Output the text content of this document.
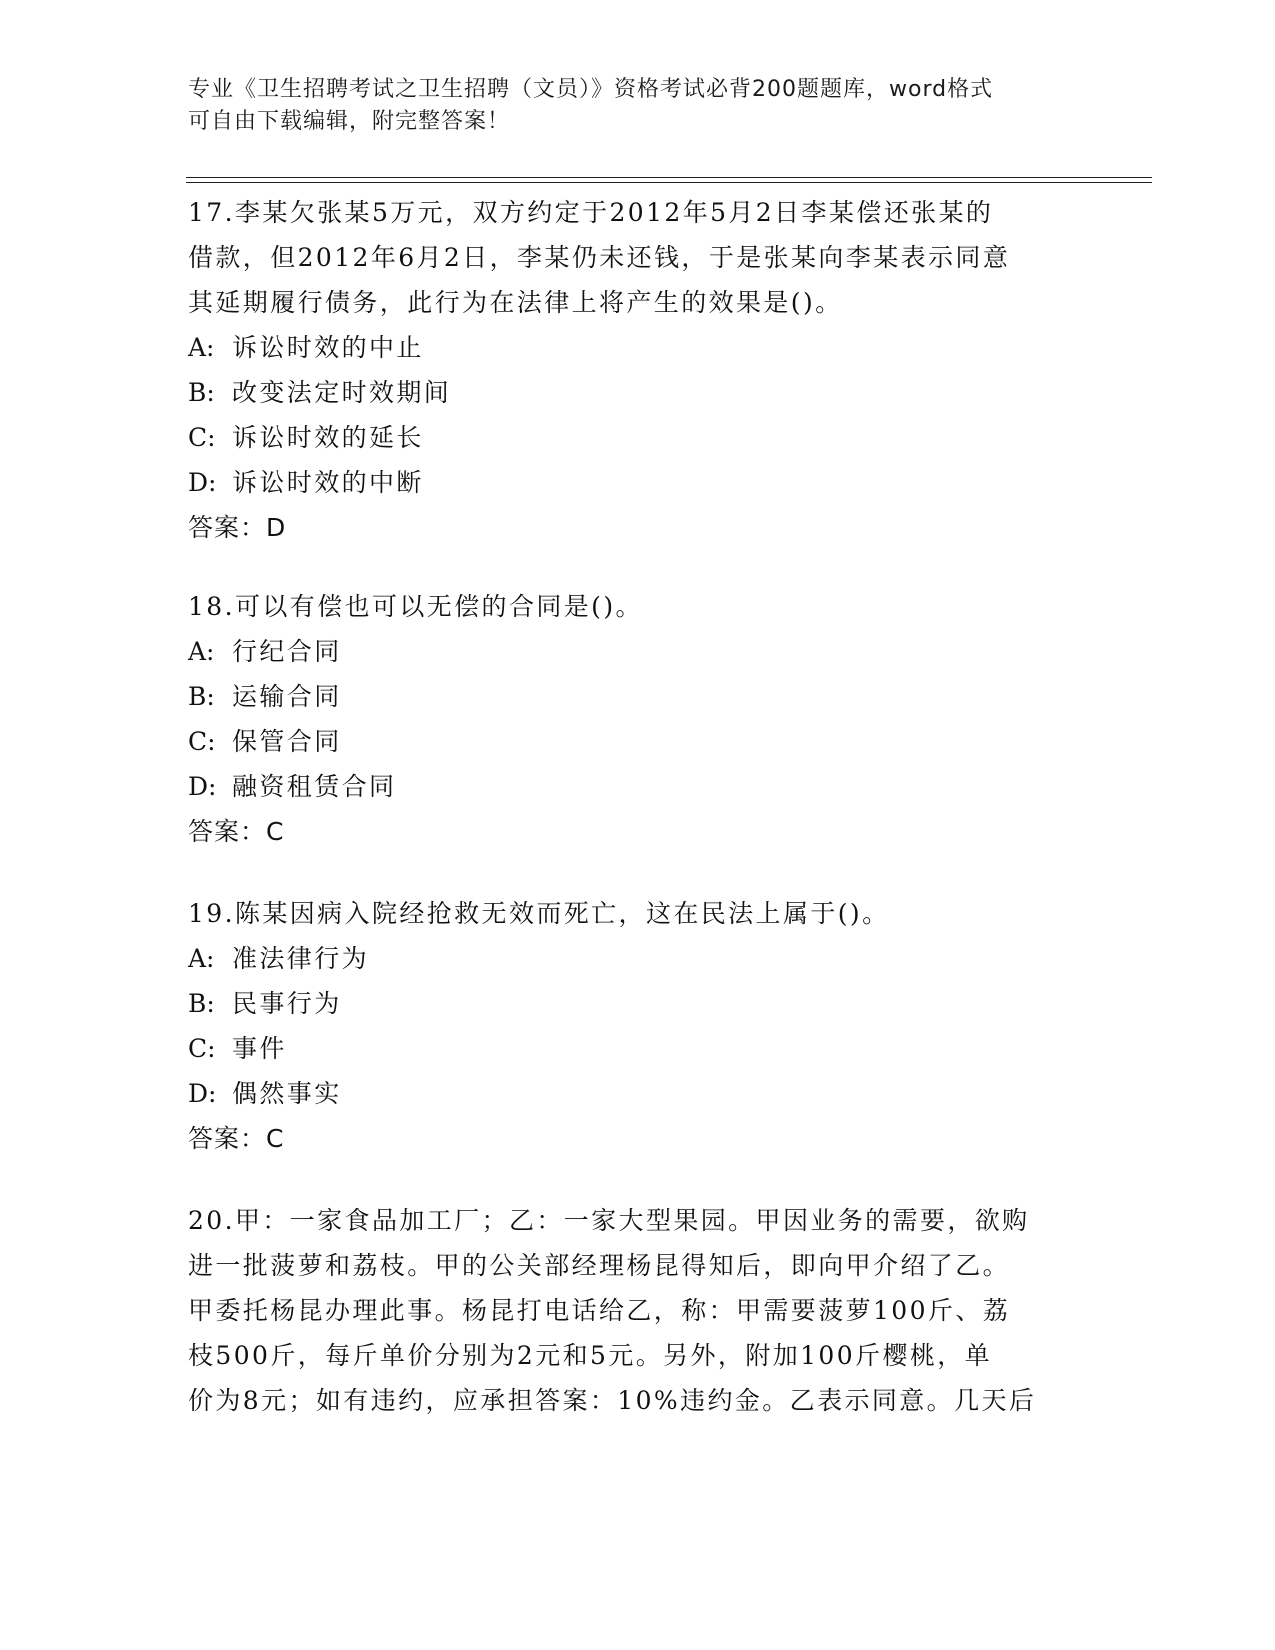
专业《卫生招聘考试之卫生招聘（文员）》资格考试必背200题题库，word格式
可自由下载编辑，附完整答案！
17.李某欠张某5万元，双方约定于2012年5月2日李某偿还张某的
借款，但2012年6月2日，李某仍未还钱，于是张某向李某表示同意
其延期履行债务，此行为在法律上将产生的效果是()。
A: 诉讼时效的中止
B: 改变法定时效期间
C: 诉讼时效的延长
D: 诉讼时效的中断
答案：D
18.可以有偿也可以无偿的合同是()。
A: 行纪合同
B: 运输合同
C: 保管合同
D: 融资租赁合同
答案：C
19.陈某因病入院经抢救无效而死亡，这在民法上属于()。
A: 准法律行为
B: 民事行为
C: 事件
D: 偶然事实
答案：C
20.甲：一家食品加工厂；乙：一家大型果园。甲因业务的需要，欲购
进一批菠萝和荔枝。甲的公关部经理杨昆得知后，即向甲介绍了乙。
甲委托杨昆办理此事。杨昆打电话给乙，称：甲需要菠萝100斤、荔
枝500斤，每斤单价分别为2元和5元。另外，附加100斤樱桃，单
价为8元；如有违约，应承担答案：10%违约金。乙表示同意。几天后
